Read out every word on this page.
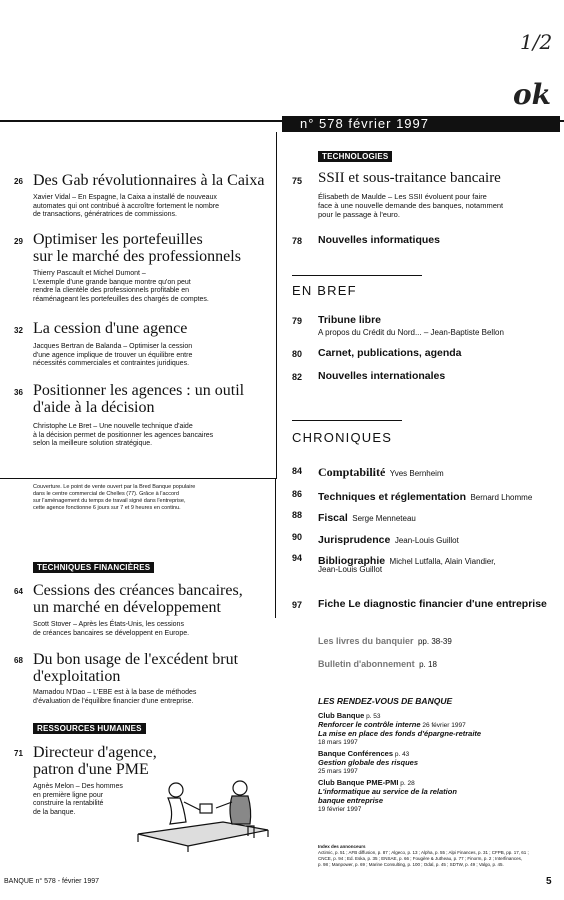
1/2
ok
n° 578 février 1997
26 Des Gab révolutionnaires à la Caixa
Xavier Vidal – En Espagne, la Caixa a installé de nouveaux
automates qui ont contribué à accroître fortement le nombre
de transactions, génératrices de commissions.
29 Optimiser les portefeuilles
sur le marché des professionnels
Thierry Pascault et Michel Dumont –
L'exemple d'une grande banque montre qu'on peut
rendre la clientèle des professionnels profitable en
réaménageant les portefeuilles des chargés de comptes.
32 La cession d'une agence
Jacques Bertran de Balanda – Optimiser la cession
d'une agence implique de trouver un équilibre entre
nécessités commerciales et contraintes juridiques.
36 Positionner les agences : un outil
d'aide à la décision
Christophe Le Bret – Une nouvelle technique d'aide
à la décision permet de positionner les agences bancaires
selon la meilleure solution stratégique.
Couverture. Le point de vente ouvert par la Bred Banque populaire
dans le centre commercial de Chelles (77). Grâce à l'accord
sur l'aménagement du temps de travail signé dans l'entreprise,
cette agence fonctionne 6 jours sur 7 et 9 heures en continu.
TECHNIQUES FINANCIÈRES
64 Cessions des créances bancaires,
un marché en développement
Scott Stover – Après les États-Unis, les cessions
de créances bancaires se développent en Europe.
68 Du bon usage de l'excédent brut
d'exploitation
Mamadou N'Dao – L'EBE est à la base de méthodes
d'évaluation de l'équilibre financier d'une entreprise.
RESSOURCES HUMAINES
71 Directeur d'agence,
patron d'une PME
Agnès Melon – Des hommes
en première ligne pour
construire la rentabilité
de la banque.
TECHNOLOGIES
75 SSII et sous-traitance bancaire
Élisabeth de Maulde – Les SSII évoluent pour faire
face à une nouvelle demande des banques, notamment
pour le passage à l'euro.
78 Nouvelles informatiques
EN BREF
79 Tribune libre
A propos du Crédit du Nord... – Jean-Baptiste Bellon
80 Carnet, publications, agenda
82 Nouvelles internationales
CHRONIQUES
84 Comptabilité Yves Bernheim
86 Techniques et réglementation Bernard Lhomme
88 Fiscal Serge Menneteau
90 Jurisprudence Jean-Louis Guillot
94 Bibliographie Michel Lutfalla, Alain Viandier,
Jean-Louis Guillot
97 Fiche Le diagnostic financier d'une entreprise
Les livres du banquier pp. 38-39
Bulletin d'abonnement p. 18
LES RENDEZ-VOUS DE BANQUE
Club Banque p. 53
Renforcer le contrôle interne 26 février 1997
La mise en place des fonds d'épargne-retraite
18 mars 1997
Banque Conférences p. 43
Gestion globale des risques
25 mars 1997
Club Banque PME-PMI p. 28
L'informatique au service de la relation
banque entreprise
19 février 1997
Index des annonceurs
Actimic, p. 51 ; AFB diffusion, p. 87 ; Algeco, p. 13 ; Alpha, p. 55 ; Alpi Finances, p. 31 ; CFPB, pp. 17, 61 ;
CNCE, p. 94 ; Ed. Eska, p. 35 ; ENSAE, p. 66 ; Fougère & Jutheau, p. 77 ; Finorm, p. 2 ; Interfinances,
p. 98 ; Manpower, p. 69 ; Marine Consulting, p. 100 ; Odal, p. 45 ; SDTW, p. 49 ; Valgo, p. 45.
BANQUE n° 578 - février 1997	5
